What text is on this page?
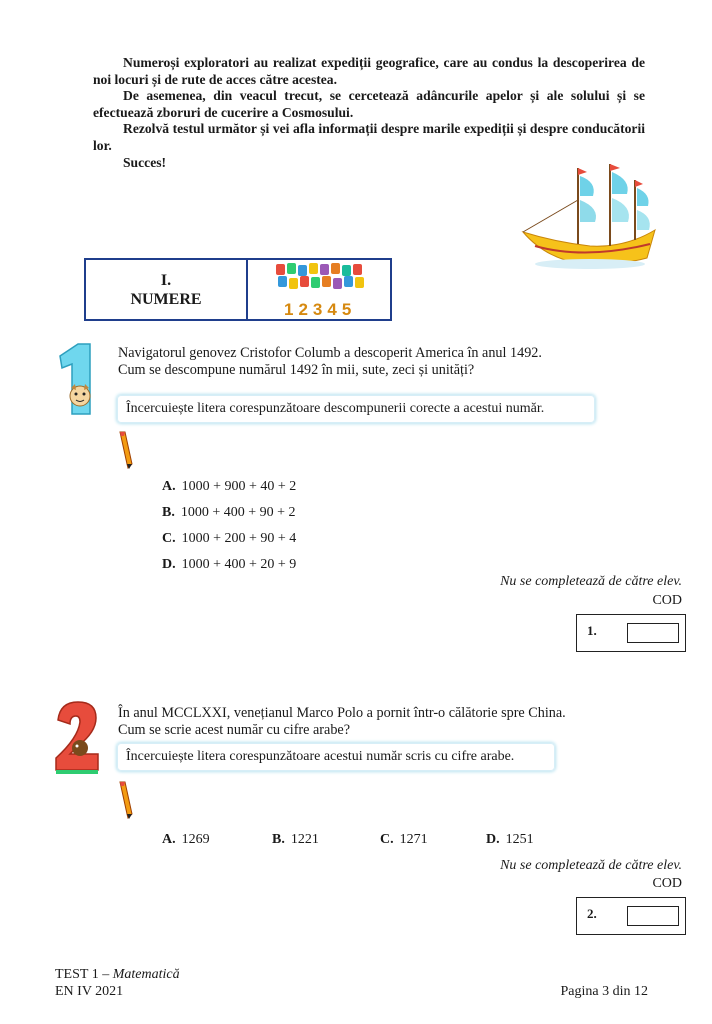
Numeroși exploratori au realizat expediții geografice, care au condus la descoperirea de noi locuri și de rute de acces către acestea.

De asemenea, din veacul trecut, se cercetează adâncurile apelor și ale solului și se efectuează zboruri de cucerire a Cosmosului.

Rezolvă testul următor și vei afla informații despre marile expediții și despre conducătorii lor.

Succes!

I.
NUMERE
12345
Navigatorul genovez Cristofor Columb a descoperit America în anul 1492.
Cum se descompune numărul 1492 în mii, sute, zeci și unități?
Încercuiește litera corespunzătoare descompunerii corecte a acestui număr.
A. 1000 + 900 + 40 + 2
B. 1000 + 400 + 90 + 2
C. 1000 + 200 + 90 + 4
D. 1000 + 400 + 20 + 9
Nu se completează de către elev.
COD
1.
În anul MCCLXXI, venețianul Marco Polo a pornit într-o călătorie spre China.
Cum se scrie acest număr cu cifre arabe?
Încercuiește litera corespunzătoare acestui număr scris cu cifre arabe.
A. 1269	B. 1221	C. 1271	D. 1251
Nu se completează de către elev.
COD
2.
TEST 1 – Matematică
EN IV 2021	Pagina 3 din 12
